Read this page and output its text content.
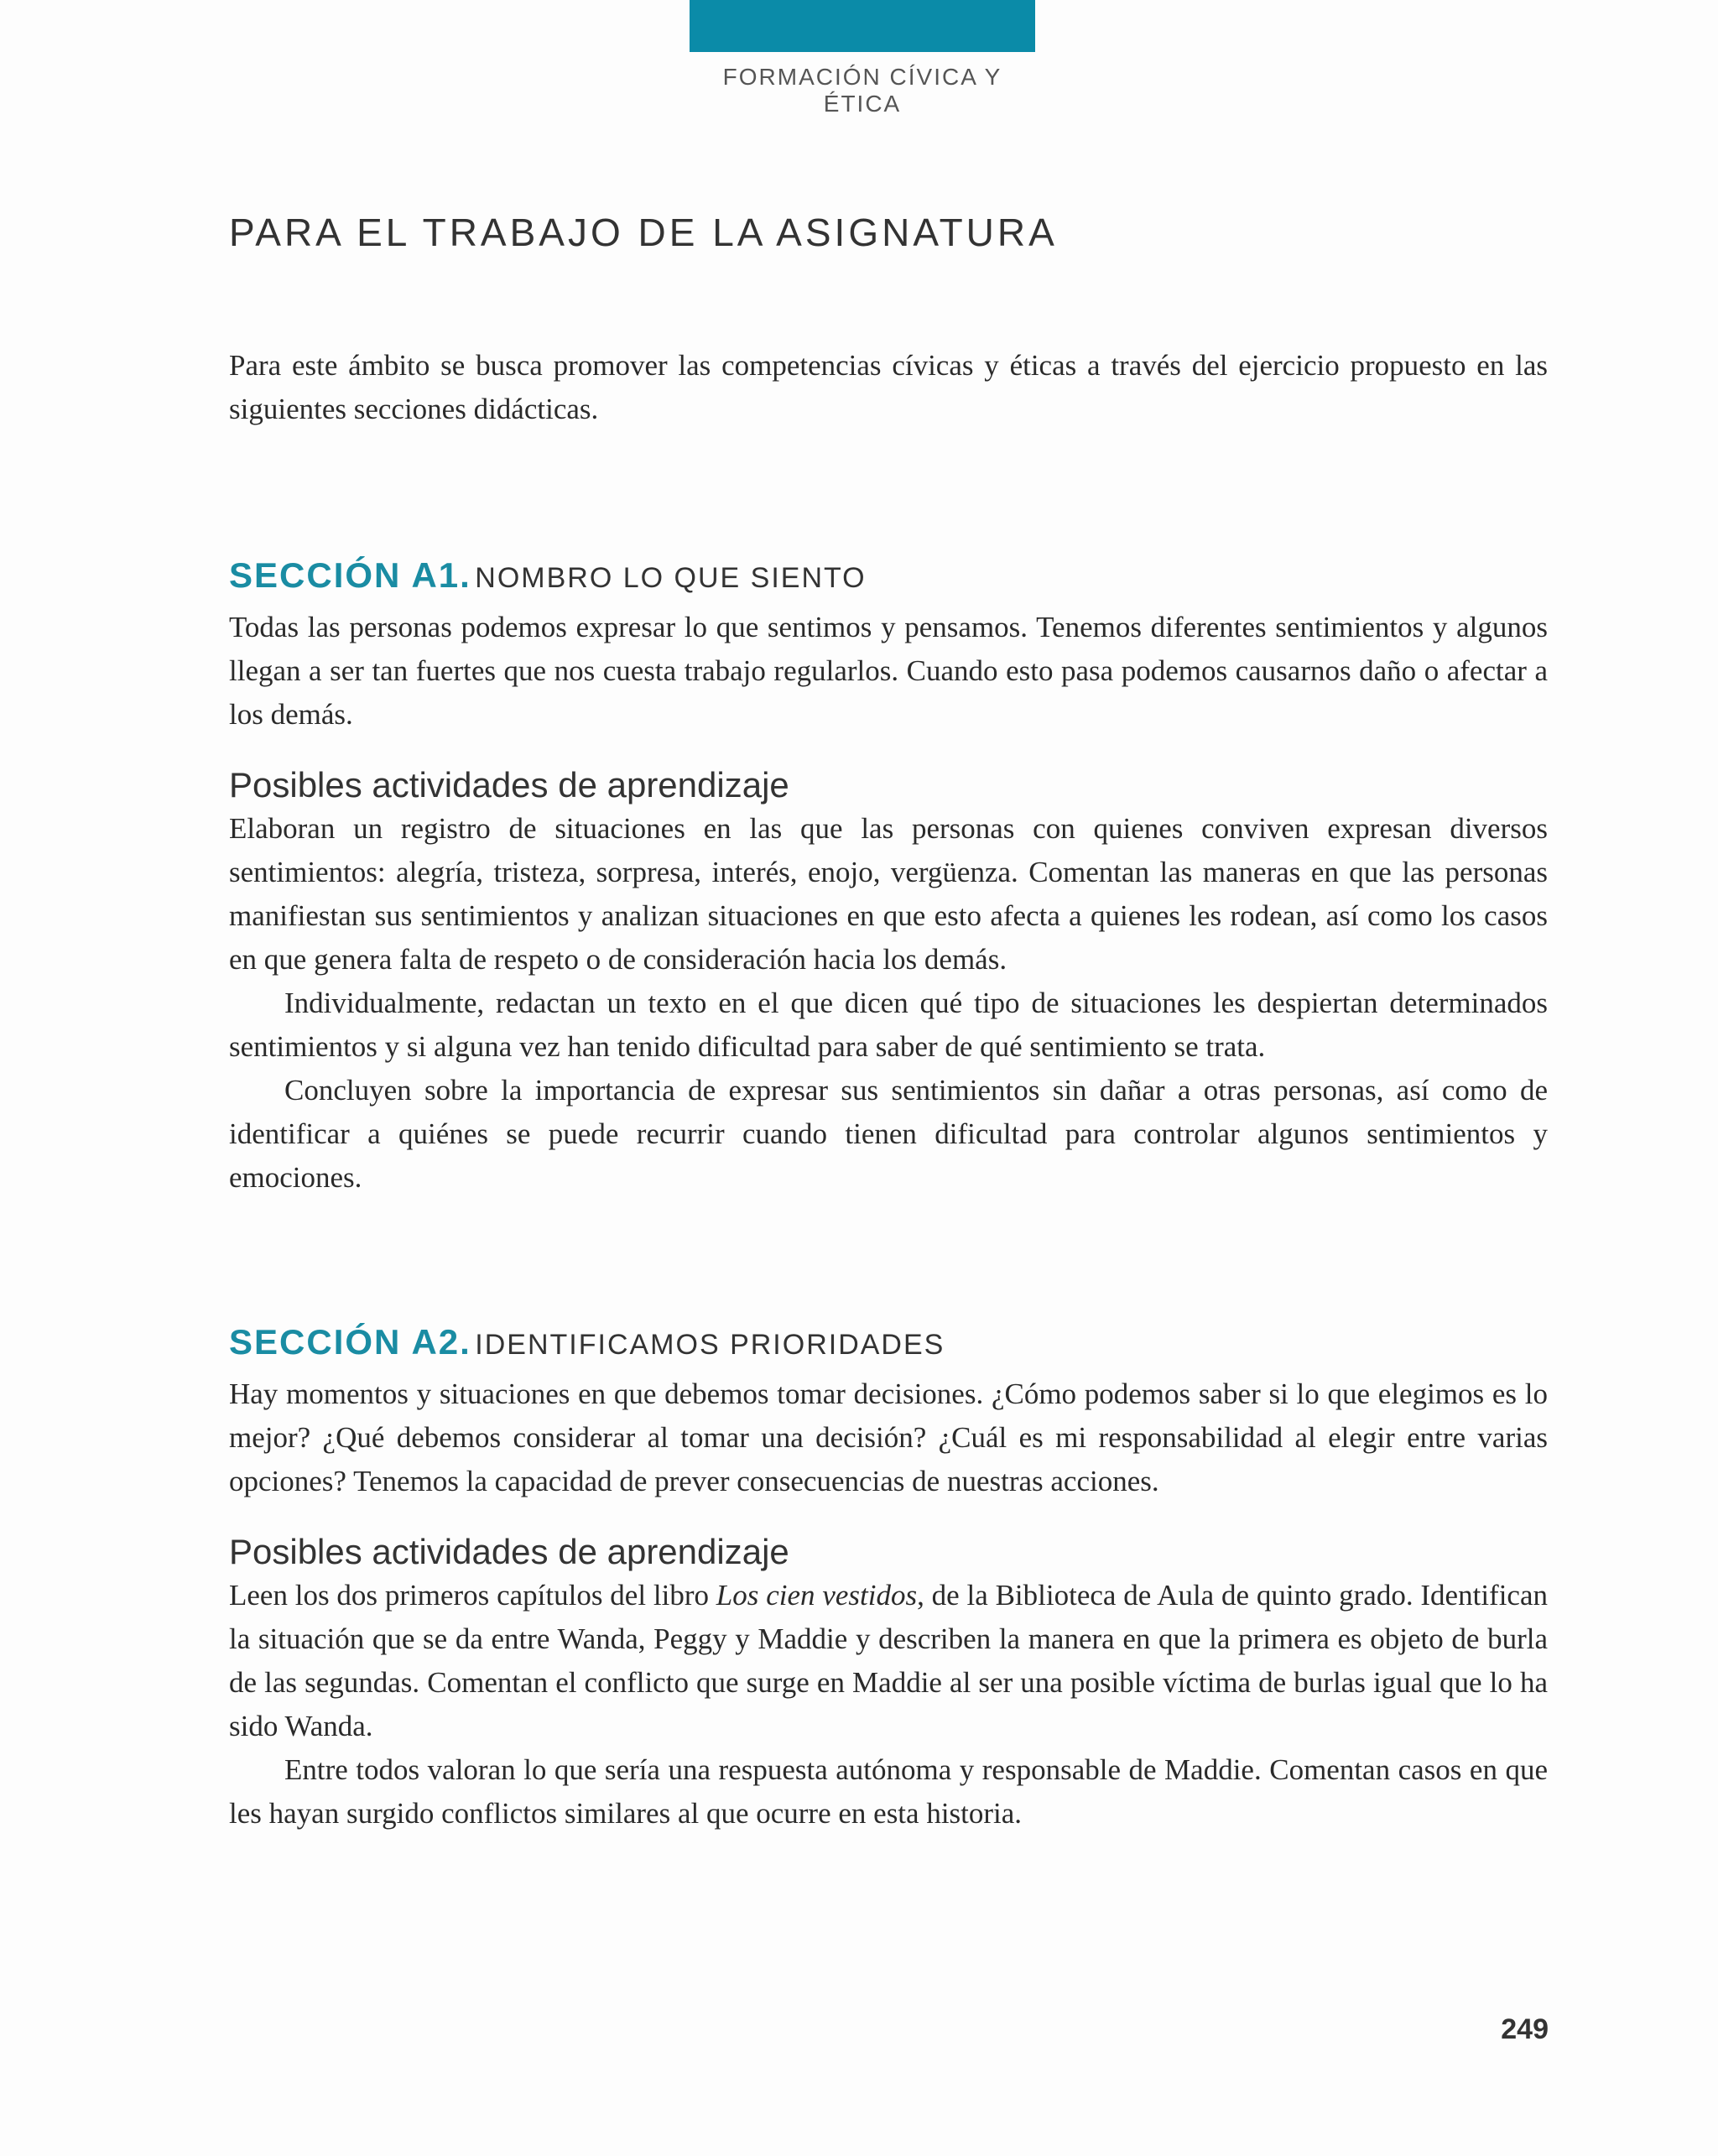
FORMACIÓN CÍVICA Y ÉTICA
PARA EL TRABAJO DE LA ASIGNATURA

Para este ámbito se busca promover las competencias cívicas y éticas a través del ejercicio propuesto en las siguientes secciones didácticas.

SECCIÓN A1. NOMBRO LO QUE SIENTO

Todas las personas podemos expresar lo que sentimos y pensamos. Tenemos diferentes sentimientos y algunos llegan a ser tan fuertes que nos cuesta trabajo regularlos. Cuando esto pasa podemos causarnos daño o afectar a los demás.

Posibles actividades de aprendizaje

Elaboran un registro de situaciones en las que las personas con quienes conviven expresan diversos sentimientos: alegría, tristeza, sorpresa, interés, enojo, vergüenza. Comentan las maneras en que las personas manifiestan sus sentimientos y analizan situaciones en que esto afecta a quienes les rodean, así como los casos en que genera falta de respeto o de consideración hacia los demás.

Individualmente, redactan un texto en el que dicen qué tipo de situaciones les despiertan determinados sentimientos y si alguna vez han tenido dificultad para saber de qué sentimiento se trata.

Concluyen sobre la importancia de expresar sus sentimientos sin dañar a otras personas, así como de identificar a quiénes se puede recurrir cuando tienen dificultad para controlar algunos sentimientos y emociones.

SECCIÓN A2. IDENTIFICAMOS PRIORIDADES

Hay momentos y situaciones en que debemos tomar decisiones. ¿Cómo podemos saber si lo que elegimos es lo mejor? ¿Qué debemos considerar al tomar una decisión? ¿Cuál es mi responsabilidad al elegir entre varias opciones? Tenemos la capacidad de prever consecuencias de nuestras acciones.

Posibles actividades de aprendizaje

Leen los dos primeros capítulos del libro Los cien vestidos, de la Biblioteca de Aula de quinto grado. Identifican la situación que se da entre Wanda, Peggy y Maddie y describen la manera en que la primera es objeto de burla de las segundas. Comentan el conflicto que surge en Maddie al ser una posible víctima de burlas igual que lo ha sido Wanda.

Entre todos valoran lo que sería una respuesta autónoma y responsable de Maddie. Comentan casos en que les hayan surgido conflictos similares al que ocurre en esta historia.

249
